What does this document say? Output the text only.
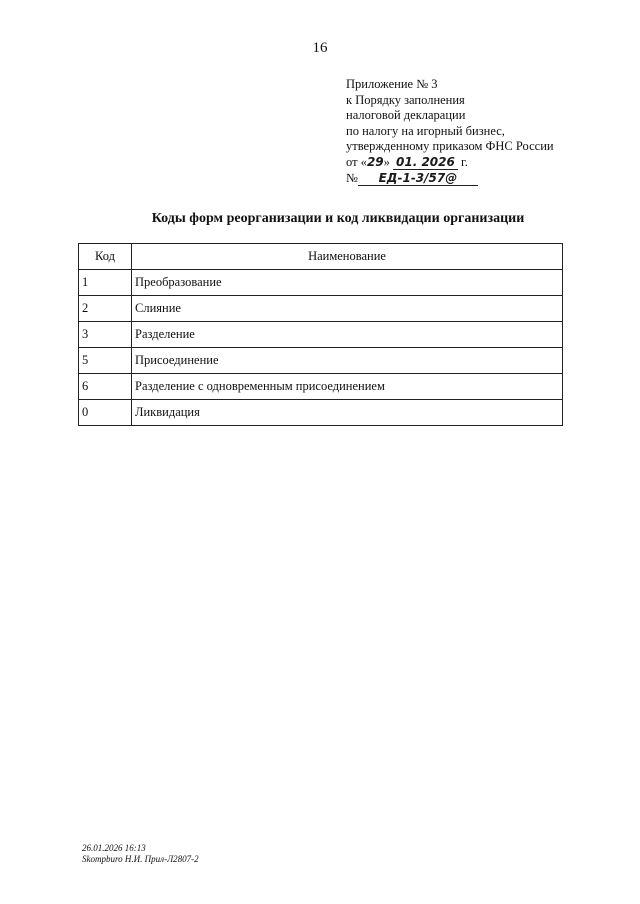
16
Приложение № 3
к Порядку заполнения
налоговой декларации
по налогу на игорный бизнес,
утвержденному приказом ФНС России
от «29» 01. 2026 г.
№ ЕД-1-3/57@
Коды форм реорганизации и код ликвидации организации
Код	Наименование
1	Преобразование
2	Слияние
3	Разделение
5	Присоединение
6	Разделение с одновременным присоединением
0	Ликвидация
26.01.2026 16:13
Skompburo Н.И. Прил-Л2807-2
